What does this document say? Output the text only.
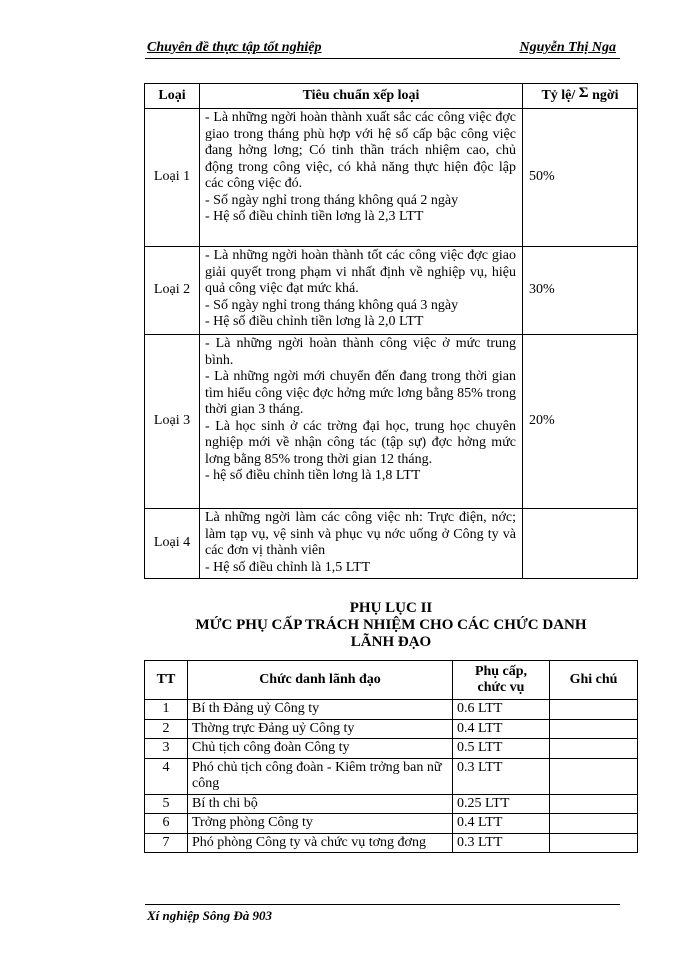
Chuyên đề thực tập tốt nghiệp	Nguyễn Thị Nga
Loại	Tiêu chuẩn xếp loại	Tỷ lệ/ Σ ngời
Loại 1	- Là những ngời hoàn thành xuất sắc các công việc đợc giao trong tháng phù hợp với hệ số cấp bậc công việc đang hởng lơng; Có tinh thần trách nhiệm cao, chủ động trong công việc, có khả năng thực hiện độc lập các công việc đó.
- Số ngày nghỉ trong tháng không quá 2 ngày
- Hệ số điều chỉnh tiền lơng là 2,3 LTT	50%
Loại 2	- Là những ngời hoàn thành tốt các công việc đợc giao giải quyết trong phạm vi nhất định về nghiệp vụ, hiệu quả công việc đạt mức khá.
- Số ngày nghỉ trong tháng không quá 3 ngày
- Hệ số điều chỉnh tiền lơng là 2,0 LTT	30%
Loại 3	- Là những ngời hoàn thành công việc ở mức trung bình.
- Là những ngời mới chuyển đến đang trong thời gian tìm hiểu công việc đợc hởng mức lơng bằng 85% trong thời gian 3 tháng.
- Là học sinh ở các trờng đại học, trung học chuyên nghiệp mới về nhận công tác (tập sự) đợc hởng mức lơng bằng 85% trong thời gian 12 tháng.
- hệ số điều chỉnh tiền lơng là 1,8 LTT	20%
Loại 4	Là những ngời làm các công việc nh: Trực điện, nớc; làm tạp vụ, vệ sinh và phục vụ nớc uống ở Công ty và các đơn vị thành viên
- Hệ số điều chỉnh là 1,5 LTT	

PHỤ LỤC II
MỨC PHỤ CẤP TRÁCH NHIỆM CHO CÁC CHỨC DANH
LÃNH ĐẠO
TT	Chức danh lãnh đạo	Phụ cấp,
chức vụ	Ghi chú
1	Bí th Đảng uỷ Công ty	0.6 LTT	
2	Thờng trực Đảng uỷ Công ty	0.4 LTT	
3	Chủ tịch công đoàn Công ty	0.5 LTT	
4	Phó chủ tịch công đoàn - Kiêm trởng ban nữ công	0.3 LTT	
5	Bí th chi bộ	0.25 LTT	
6	Trởng phòng Công ty	0.4 LTT	
7	Phó phòng Công ty và chức vụ tơng đơng	0.3 LTT	
Xí nghiệp Sông Đà 903
